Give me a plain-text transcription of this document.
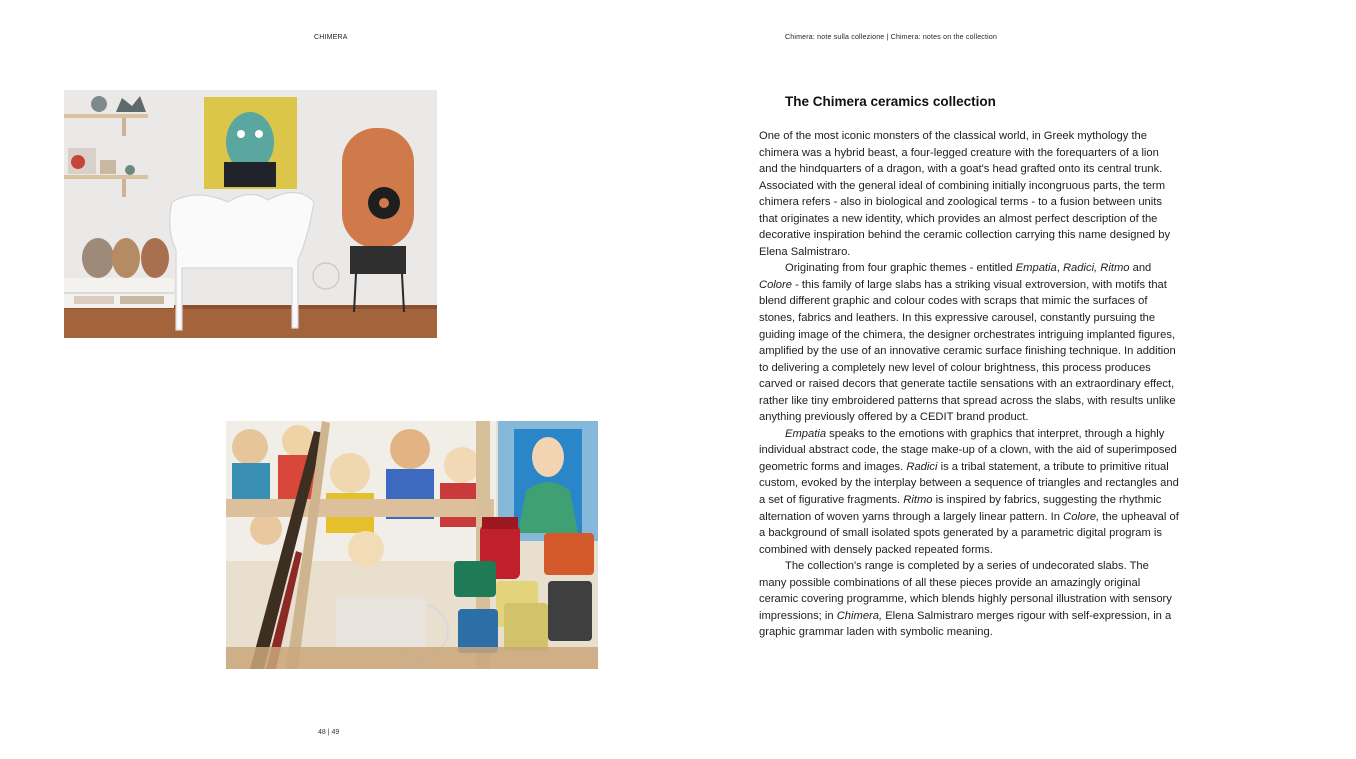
CHIMERA	Chimera: note sulla collezione | Chimera: notes on the collection
The Chimera ceramics collection
One of the most iconic monsters of the classical world, in Greek mythology the
chimera was a hybrid beast, a four-legged creature with the forequarters of a lion
and the hindquarters of a dragon, with a goat's head grafted onto its central trunk.
Associated with the general ideal of combining initially incongruous parts, the term
chimera refers - also in biological and zoological terms - to a fusion between units
that originates a new identity, which provides an almost perfect description of the
decorative inspiration behind the ceramic collection carrying this name designed by
Elena Salmistraro.
Originating from four graphic themes - entitled Empatia, Radici, Ritmo and
Colore - this family of large slabs has a striking visual extroversion, with motifs that
blend different graphic and colour codes with scraps that mimic the surfaces of
stones, fabrics and leathers. In this expressive carousel, constantly pursuing the
guiding image of the chimera, the designer orchestrates intriguing implanted figures,
amplified by the use of an innovative ceramic surface finishing technique. In addition
to delivering a completely new level of colour brightness, this process produces
carved or raised decors that generate tactile sensations with an extraordinary effect,
rather like tiny embroidered patterns that spread across the slabs, with results unlike
anything previously offered by a CEDIT brand product.
Empatia speaks to the emotions with graphics that interpret, through a highly
individual abstract code, the stage make-up of a clown, with the aid of superimposed
geometric forms and images. Radici is a tribal statement, a tribute to primitive ritual
custom, evoked by the interplay between a sequence of triangles and rectangles and
a set of figurative fragments. Ritmo is inspired by fabrics, suggesting the rhythmic
alternation of woven yarns through a largely linear pattern. In Colore, the upheaval of
a background of small isolated spots generated by a parametric digital program is
combined with densely packed repeated forms.
The collection's range is completed by a series of undecorated slabs. The
many possible combinations of all these pieces provide an amazingly original
ceramic covering programme, which blends highly personal illustration with sensory
impressions; in Chimera, Elena Salmistraro merges rigour with self-expression, in a
graphic grammar laden with symbolic meaning.
48 | 49
